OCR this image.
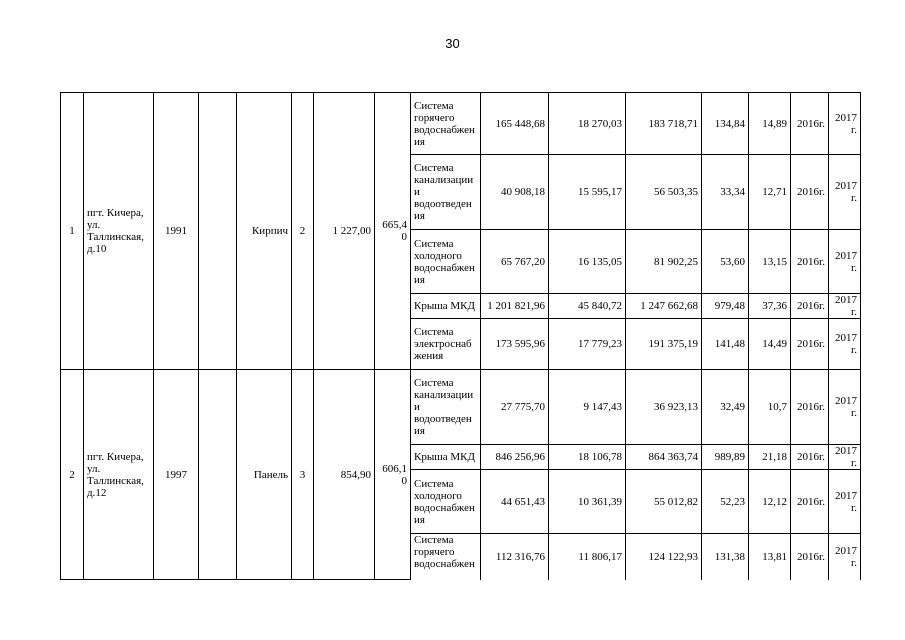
30
1	пгт. Кичера, ул. Таллинская, д.10	1991		Кирпич	2	1 227,00	665,40	Система горячего водоснабжен ия	165 448,68	18 270,03	183 718,71	134,84	14,89	2016г.	2017г.
								Система канализации и водоотведен ия	40 908,18	15 595,17	56 503,35	33,34	12,71	2016г.	2017г.
								Система холодного водоснабжен ия	65 767,20	16 135,05	81 902,25	53,60	13,15	2016г.	2017г.
								Крыша МКД	1 201 821,96	45 840,72	1 247 662,68	979,48	37,36	2016г.	2017г.
								Система электроснаб жения	173 595,96	17 779,23	191 375,19	141,48	14,49	2016г.	2017г.
2	пгт. Кичера, ул. Таллинская, д.12	1997		Панель	3	854,90	606,10	Система канализации и водоотведен ия	27 775,70	9 147,43	36 923,13	32,49	10,7	2016г.	2017г.
								Крыша МКД	846 256,96	18 106,78	864 363,74	989,89	21,18	2016г.	2017г.
								Система холодного водоснабжен ия	44 651,43	10 361,39	55 012,82	52,23	12,12	2016г.	2017г.
								Система горячего водоснабжен	112 316,76	11 806,17	124 122,93	131,38	13,81	2016г.	2017г.
